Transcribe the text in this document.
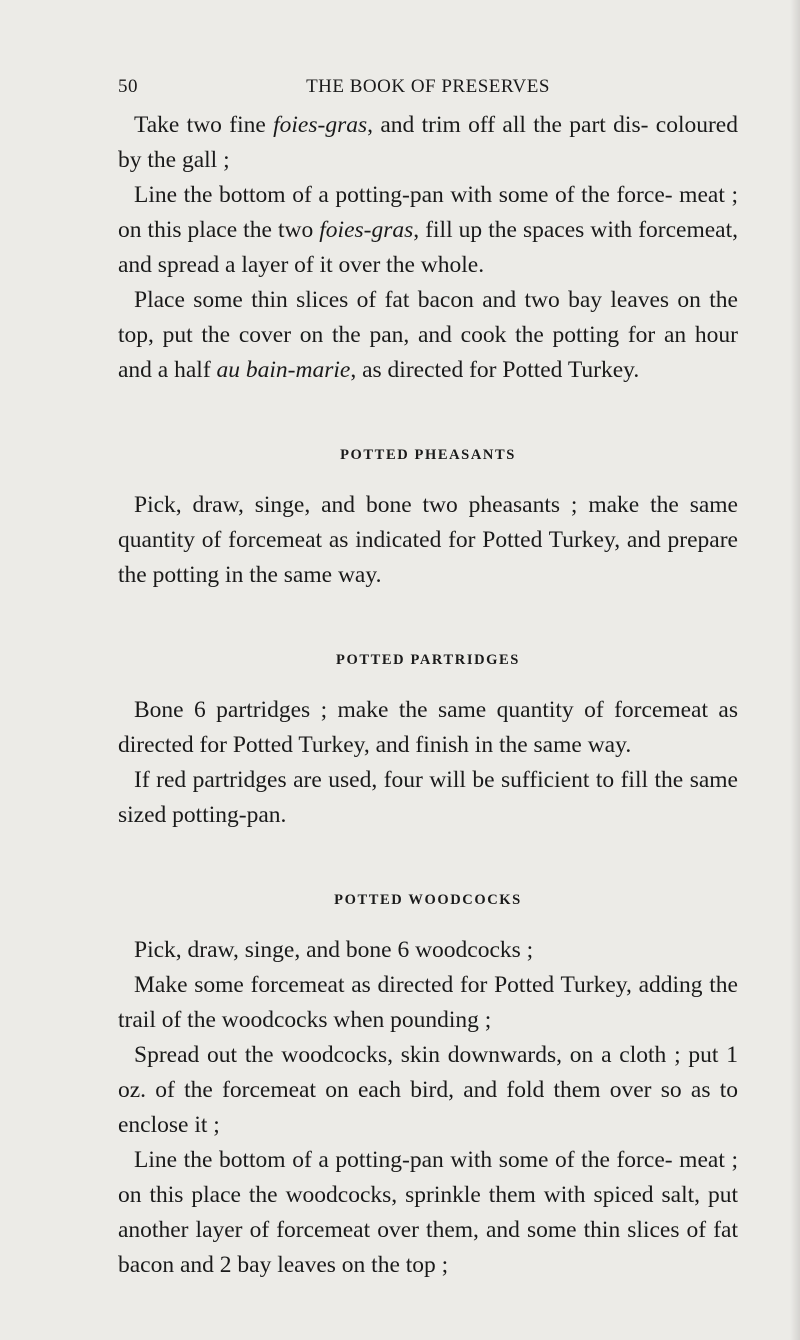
50	THE BOOK OF PRESERVES

Take two fine foies-gras, and trim off all the part dis- coloured by the gall ;

Line the bottom of a potting-pan with some of the force- meat ; on this place the two foies-gras, fill up the spaces with forcemeat, and spread a layer of it over the whole.

Place some thin slices of fat bacon and two bay leaves on the top, put the cover on the pan, and cook the potting for an hour and a half au bain-marie, as directed for Potted Turkey.

POTTED PHEASANTS

Pick, draw, singe, and bone two pheasants ; make the same quantity of forcemeat as indicated for Potted Turkey, and prepare the potting in the same way.

POTTED PARTRIDGES

Bone 6 partridges ; make the same quantity of forcemeat as directed for Potted Turkey, and finish in the same way.

If red partridges are used, four will be sufficient to fill the same sized potting-pan.

POTTED WOODCOCKS

Pick, draw, singe, and bone 6 woodcocks ;

Make some forcemeat as directed for Potted Turkey, adding the trail of the woodcocks when pounding ;

Spread out the woodcocks, skin downwards, on a cloth ; put 1 oz. of the forcemeat on each bird, and fold them over so as to enclose it ;

Line the bottom of a potting-pan with some of the force- meat ; on this place the woodcocks, sprinkle them with spiced salt, put another layer of forcemeat over them, and some thin slices of fat bacon and 2 bay leaves on the top ;
